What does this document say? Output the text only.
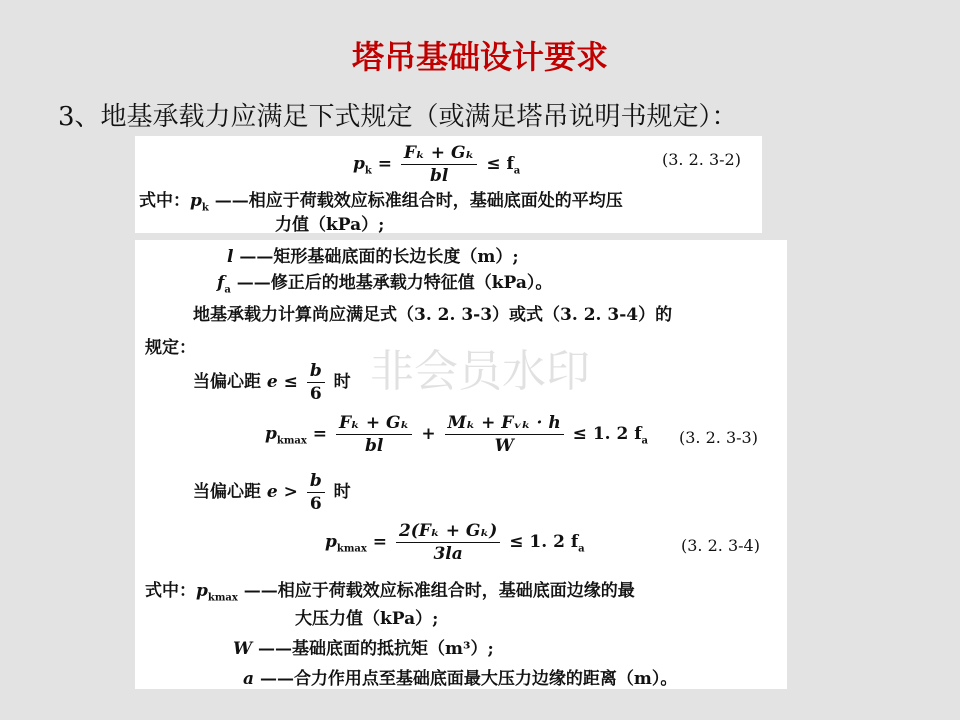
塔吊基础设计要求
3、地基承载力应满足下式规定（或满足塔吊说明书规定）：
$p_k = \frac{\text{Fₖ + Gₖ}}{bl} \le f_a$
(3. 2. 3-2)
式中：$p_k$ ——相应于荷载效应标准组合时，基础底面处的平均压
力值（kPa）;
l ——矩形基础底面的长边长度（m）;
$f_a$ ——修正后的地基承载力特征值（kPa）。
地基承载力计算尚应满足式（3. 2. 3-3）或式（3. 2. 3-4）的
规定：
当偏心距 $e \le \frac{b}{6}$ 时
$p_{kmax} = \frac{\text{Fₖ + Gₖ}}{bl} + \frac{\text{Mₖ + Fᵥₖ · h}}{W} \le 1$. 2 $f_a$ (3. 2. 3-3)
当偏心距 $e > \frac{b}{6}$ 时
$p_{kmax} = \frac{\text{2(Fₖ + Gₖ)}}{3la} \le 1$. 2 $f_a$	(3. 2. 3-4)
式中：$p_{kmax}$ ——相应于荷载效应标准组合时，基础底面边缘的最
大压力值（kPa）;
W ——基础底面的抵抗矩（m³）;
a ——合力作用点至基础底面最大压力边缘的距离（m）。
非会员水印
